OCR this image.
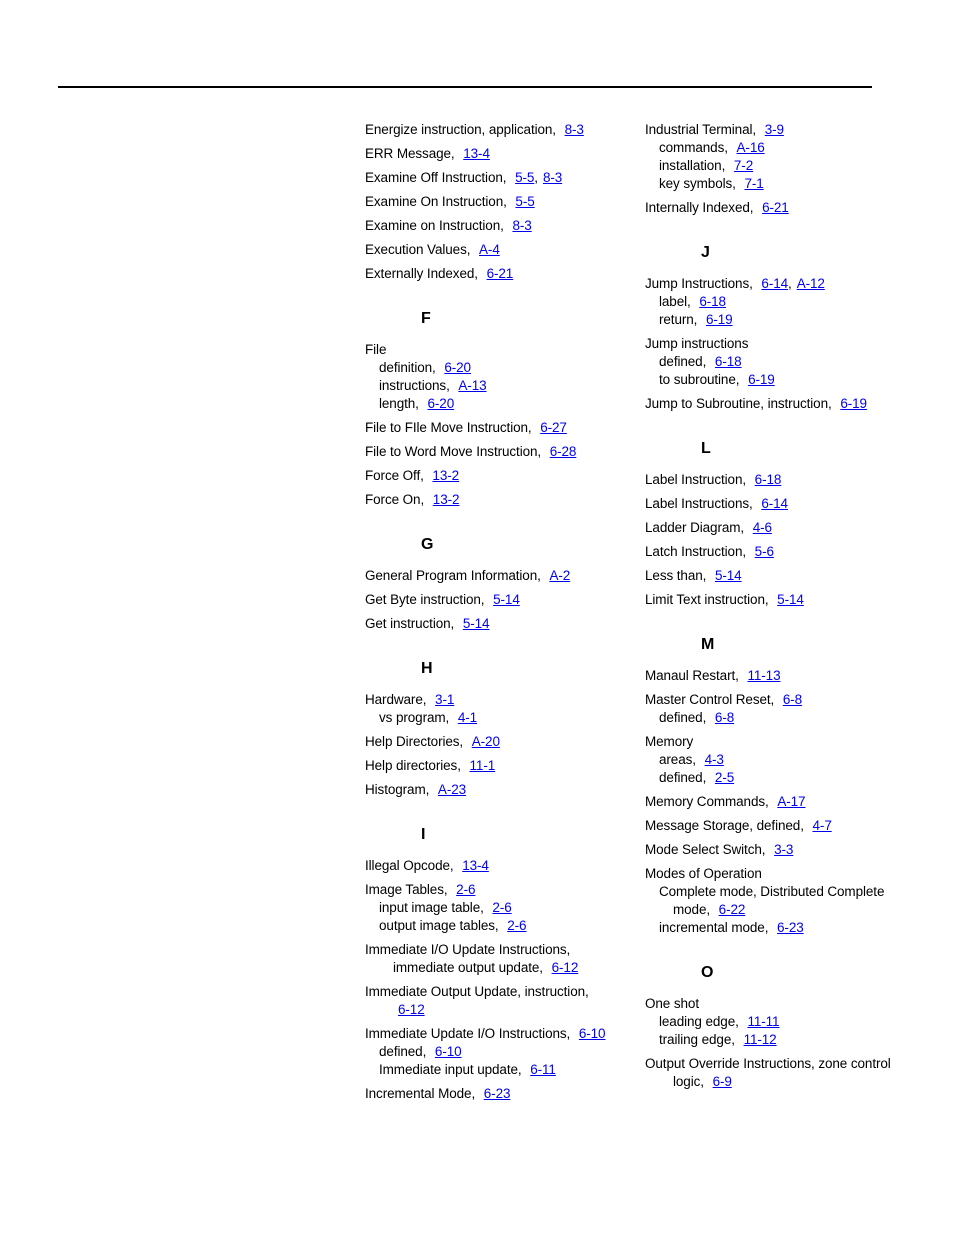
Energize instruction, application, 8-3
ERR Message, 13-4
Examine Off Instruction, 5-5, 8-3
Examine On Instruction, 5-5
Examine on Instruction, 8-3
Execution Values, A-4
Externally Indexed, 6-21
F
File
definition, 6-20
instructions, A-13
length, 6-20
File to FIle Move Instruction, 6-27
File to Word Move Instruction, 6-28
Force Off, 13-2
Force On, 13-2
G
General Program Information, A-2
Get Byte instruction, 5-14
Get instruction, 5-14
H
Hardware, 3-1
vs program, 4-1
Help Directories, A-20
Help directories, 11-1
Histogram, A-23
I
Illegal Opcode, 13-4
Image Tables, 2-6
input image table, 2-6
output image tables, 2-6
Immediate I/O Update Instructions,
immediate output update, 6-12
Immediate Output Update, instruction,
6-12
Immediate Update I/O Instructions, 6-10
defined, 6-10
Immediate input update, 6-11
Incremental Mode, 6-23
Industrial Terminal, 3-9
commands, A-16
installation, 7-2
key symbols, 7-1
Internally Indexed, 6-21
J
Jump Instructions, 6-14, A-12
label, 6-18
return, 6-19
Jump instructions
defined, 6-18
to subroutine, 6-19
Jump to Subroutine, instruction, 6-19
L
Label Instruction, 6-18
Label Instructions, 6-14
Ladder Diagram, 4-6
Latch Instruction, 5-6
Less than, 5-14
Limit Text instruction, 5-14
M
Manaul Restart, 11-13
Master Control Reset, 6-8
defined, 6-8
Memory
areas, 4-3
defined, 2-5
Memory Commands, A-17
Message Storage, defined, 4-7
Mode Select Switch, 3-3
Modes of Operation
Complete mode, Distributed Complete
mode, 6-22
incremental mode, 6-23
O
One shot
leading edge, 11-11
trailing edge, 11-12
Output Override Instructions, zone control
logic, 6-9
